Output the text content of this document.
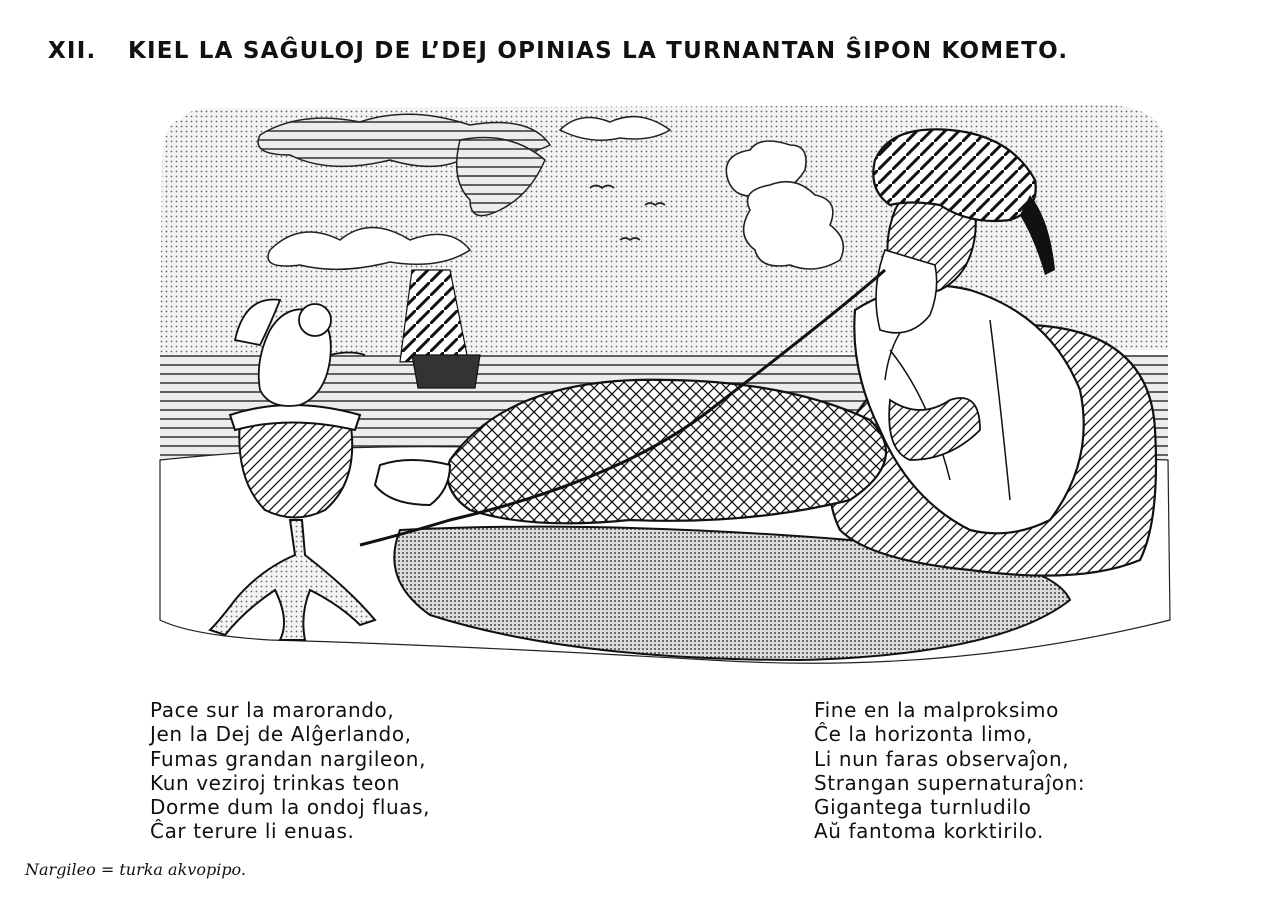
XII. KIEL LA SAĜULOJ DE L’DEJ OPINIAS LA TURNANTAN ŜIPON KOMETO.
Pace sur la marorando,
Jen la Dej de Alĝerlando,
Fumas grandan nargileon,
Kun veziroj trinkas teon
Dorme dum la ondoj fluas,
Ĉar terure li enuas.
Fine en la malproksimo
Ĉe la horizonta limo,
Li nun faras observaĵon,
Strangan supernaturaĵon:
Gigantega turnludilo
Aŭ fantoma korktirilo.
Nargileo = turka akvopipo.
